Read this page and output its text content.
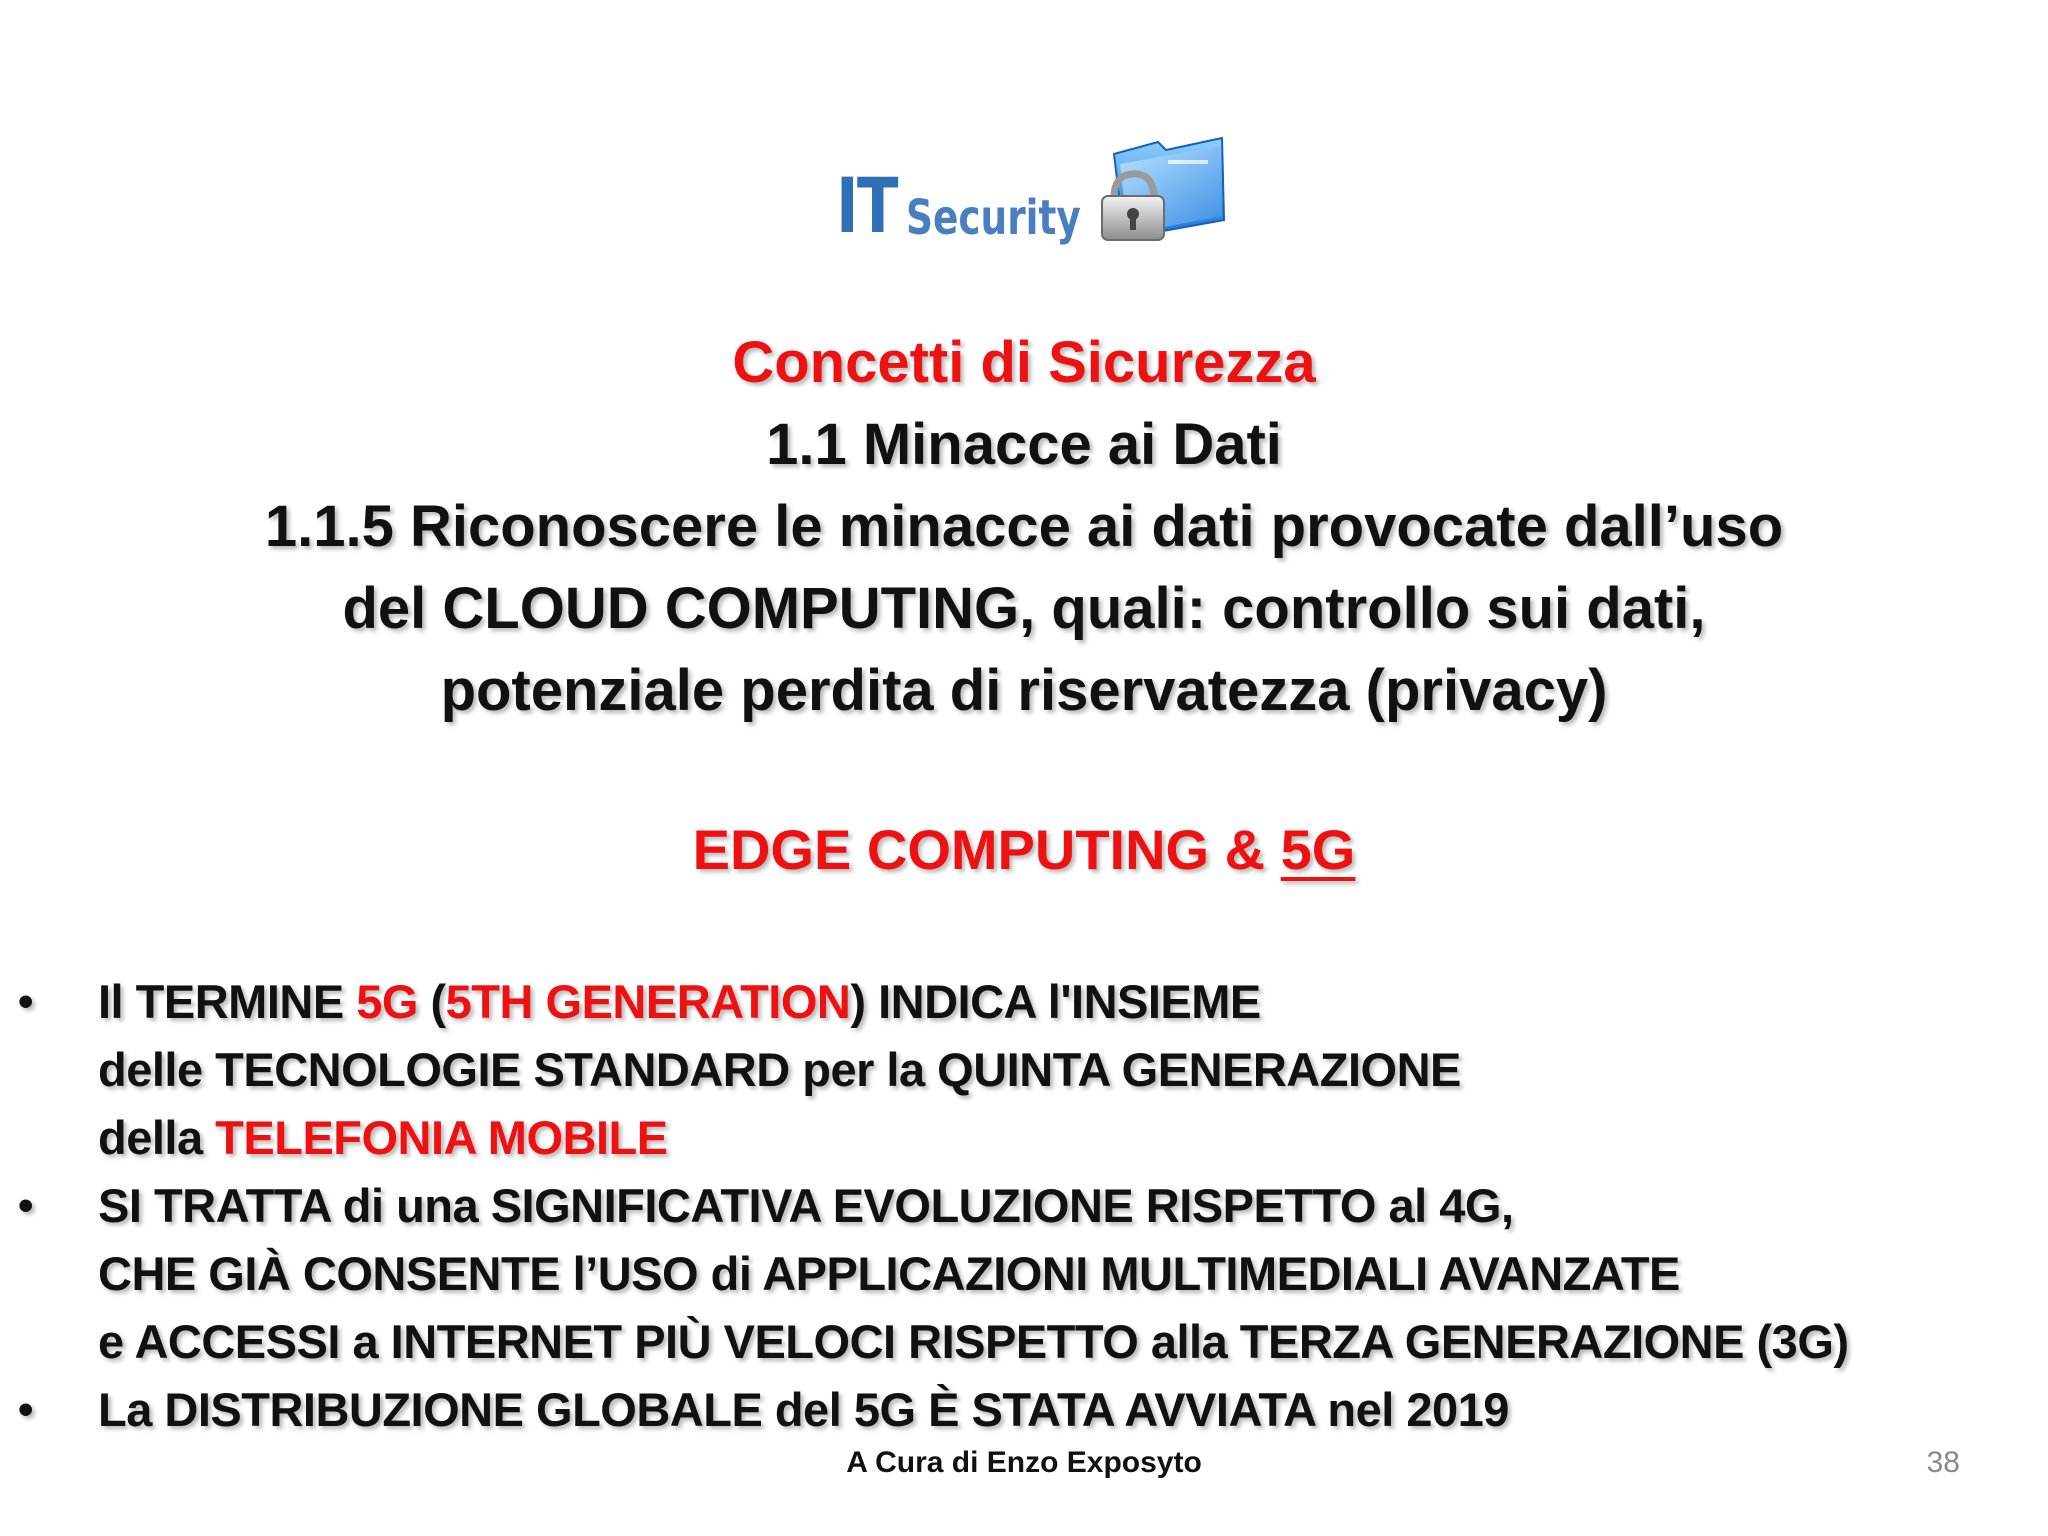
IT Security
Concetti di Sicurezza
1.1 Minacce ai Dati
1.1.5 Riconoscere le minacce ai dati provocate dall’uso
del CLOUD COMPUTING, quali: controllo sui dati,
potenziale perdita di riservatezza (privacy)
EDGE COMPUTING & 5G
•	Il TERMINE 5G (5TH GENERATION) INDICA l'INSIEME
delle TECNOLOGIE STANDARD per la QUINTA GENERAZIONE
della TELEFONIA MOBILE
•	SI TRATTA di una SIGNIFICATIVA EVOLUZIONE RISPETTO al 4G,
CHE GIÀ CONSENTE l’USO di APPLICAZIONI MULTIMEDIALI AVANZATE
e ACCESSI a INTERNET PIÙ VELOCI RISPETTO alla TERZA GENERAZIONE (3G)
•	La DISTRIBUZIONE GLOBALE del 5G È STATA AVVIATA nel 2019
A Cura di Enzo Exposyto	38
